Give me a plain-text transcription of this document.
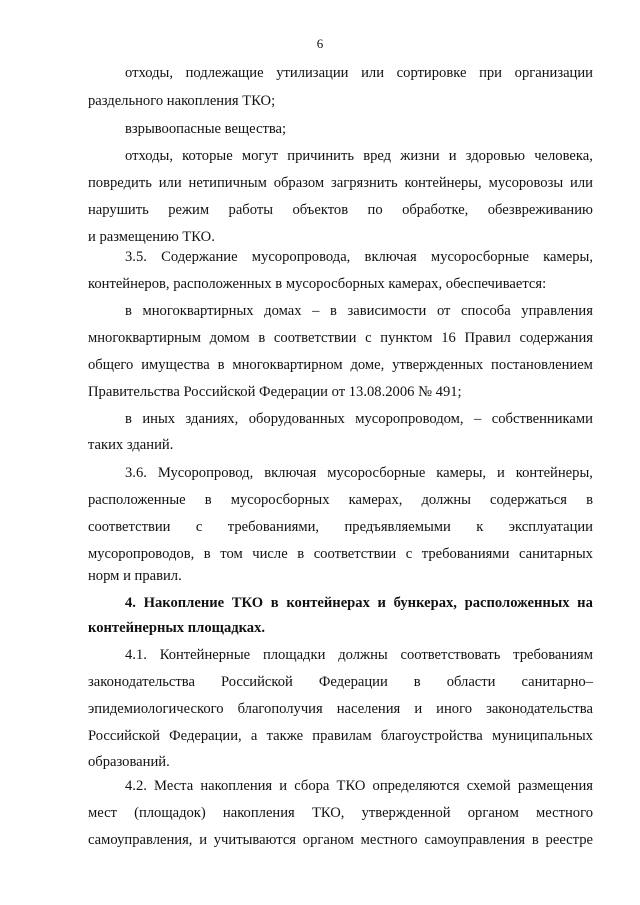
6
отходы, подлежащие утилизации или сортировке при организации
раздельного накопления ТКО;
взрывоопасные вещества;
отходы, которые могут причинить вред жизни и здоровью человека,
повредить или нетипичным образом загрязнить контейнеры, мусоровозы или
нарушить режим работы объектов по обработке, обезвреживанию
и размещению ТКО.
3.5. Содержание мусоропровода, включая мусоросборные камеры,
контейнеров, расположенных в мусоросборных камерах, обеспечивается:
в многоквартирных домах – в зависимости от способа управления
многоквартирным домом в соответствии с пунктом 16 Правил содержания
общего имущества в многоквартирном доме, утвержденных постановлением
Правительства Российской Федерации от 13.08.2006 № 491;
в иных зданиях, оборудованных мусоропроводом, – собственниками
таких зданий.
3.6. Мусоропровод, включая мусоросборные камеры, и контейнеры,
расположенные в мусоросборных камерах, должны содержаться в
соответствии с требованиями, предъявляемыми к эксплуатации
мусоропроводов, в том числе в соответствии с требованиями санитарных
норм и правил.
4. Накопление ТКО в контейнерах и бункерах, расположенных на
контейнерных площадках.
4.1. Контейнерные площадки должны соответствовать требованиям
законодательства Российской Федерации в области санитарно–
эпидемиологического благополучия населения и иного законодательства
Российской Федерации, а также правилам благоустройства муниципальных
образований.
4.2. Места накопления и сбора ТКО определяются схемой размещения
мест (площадок) накопления ТКО, утвержденной органом местного
самоуправления, и учитываются органом местного самоуправления в реестре
